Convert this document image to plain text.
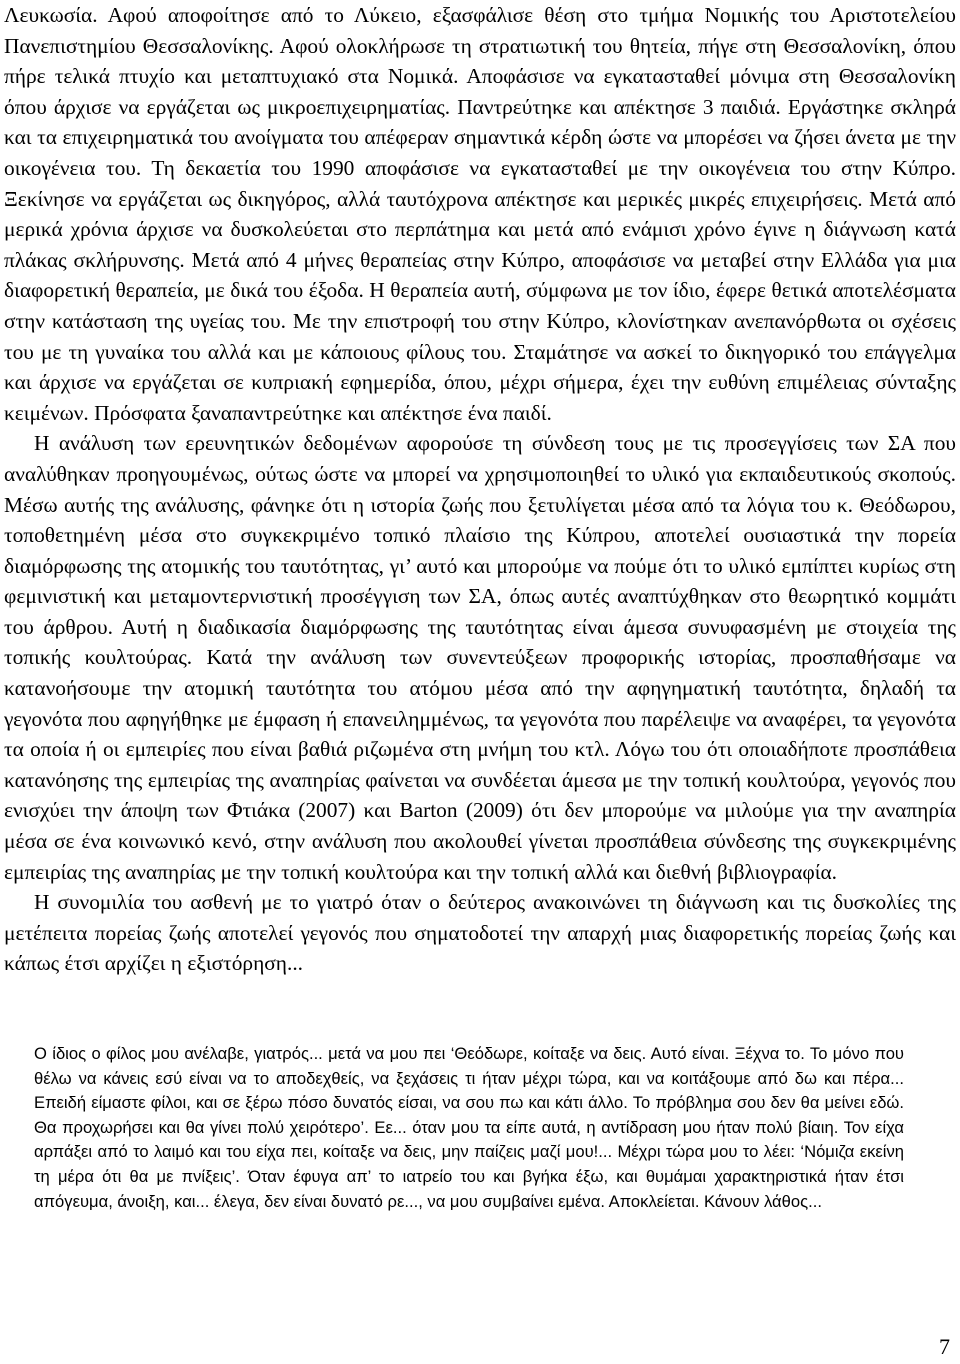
Λευκωσία. Αφού αποφοίτησε από το Λύκειο, εξασφάλισε θέση στο τμήμα Νομικής του Αριστοτελείου Πανεπιστημίου Θεσσαλονίκης. Αφού ολοκλήρωσε τη στρατιωτική του θητεία, πήγε στη Θεσσαλονίκη, όπου πήρε τελικά πτυχίο και μεταπτυχιακό στα Νομικά. Αποφάσισε να εγκατασταθεί μόνιμα στη Θεσσαλονίκη όπου άρχισε να εργάζεται ως μικροεπιχειρηματίας. Παντρεύτηκε και απέκτησε 3 παιδιά. Εργάστηκε σκληρά και τα επιχειρηματικά του ανοίγματα του απέφεραν σημαντικά κέρδη ώστε να μπορέσει να ζήσει άνετα με την οικογένεια του. Τη δεκαετία του 1990 αποφάσισε να εγκατασταθεί με την οικογένεια του στην Κύπρο. Ξεκίνησε να εργάζεται ως δικηγόρος, αλλά ταυτόχρονα απέκτησε και μερικές μικρές επιχειρήσεις. Μετά από μερικά χρόνια άρχισε να δυσκολεύεται στο περπάτημα και μετά από ενάμισι χρόνο έγινε η διάγνωση κατά πλάκας σκλήρυνσης. Μετά από 4 μήνες θεραπείας στην Κύπρο, αποφάσισε να μεταβεί στην Ελλάδα για μια διαφορετική θεραπεία, με δικά του έξοδα. Η θεραπεία αυτή, σύμφωνα με τον ίδιο, έφερε θετικά αποτελέσματα στην κατάσταση της υγείας του. Με την επιστροφή του στην Κύπρο, κλονίστηκαν ανεπανόρθωτα οι σχέσεις του με τη γυναίκα του αλλά και με κάποιους φίλους του. Σταμάτησε να ασκεί το δικηγορικό του επάγγελμα και άρχισε να εργάζεται σε κυπριακή εφημερίδα, όπου, μέχρι σήμερα, έχει την ευθύνη επιμέλειας σύνταξης κειμένων. Πρόσφατα ξαναπαντρεύτηκε και απέκτησε ένα παιδί.

Η ανάλυση των ερευνητικών δεδομένων αφορούσε τη σύνδεση τους με τις προσεγγίσεις των ΣΑ που αναλύθηκαν προηγουμένως, ούτως ώστε να μπορεί να χρησιμοποιηθεί το υλικό για εκπαιδευτικούς σκοπούς. Μέσω αυτής της ανάλυσης, φάνηκε ότι η ιστορία ζωής που ξετυλίγεται μέσα από τα λόγια του κ. Θεόδωρου, τοποθετημένη μέσα στο συγκεκριμένο τοπικό πλαίσιο της Κύπρου, αποτελεί ουσιαστικά την πορεία διαμόρφωσης της ατομικής του ταυτότητας, γι’ αυτό και μπορούμε να πούμε ότι το υλικό εμπίπτει κυρίως στη φεμινιστική και μεταμοντερνιστική προσέγγιση των ΣΑ, όπως αυτές αναπτύχθηκαν στο θεωρητικό κομμάτι του άρθρου. Αυτή η διαδικασία διαμόρφωσης της ταυτότητας είναι άμεσα συνυφασμένη με στοιχεία της τοπικής κουλτούρας. Κατά την ανάλυση των συνεντεύξεων προφορικής ιστορίας, προσπαθήσαμε να κατανοήσουμε την ατομική ταυτότητα του ατόμου μέσα από την αφηγηματική ταυτότητα, δηλαδή τα γεγονότα που αφηγήθηκε με έμφαση ή επανειλημμένως, τα γεγονότα που παρέλειψε να αναφέρει, τα γεγονότα τα οποία ή οι εμπειρίες που είναι βαθιά ριζωμένα στη μνήμη του κτλ. Λόγω του ότι οποιαδήποτε προσπάθεια κατανόησης της εμπειρίας της αναπηρίας φαίνεται να συνδέεται άμεσα με την τοπική κουλτούρα, γεγονός που ενισχύει την άποψη των Φτιάκα (2007) και Barton (2009) ότι δεν μπορούμε να μιλούμε για την αναπηρία μέσα σε ένα κοινωνικό κενό, στην ανάλυση που ακολουθεί γίνεται προσπάθεια σύνδεσης της συγκεκριμένης εμπειρίας της αναπηρίας με την τοπική κουλτούρα και την τοπική αλλά και διεθνή βιβλιογραφία.

Η συνομιλία του ασθενή με το γιατρό όταν ο δεύτερος ανακοινώνει τη διάγνωση και τις δυσκολίες της μετέπειτα πορείας ζωής αποτελεί γεγονός που σηματοδοτεί την απαρχή μιας διαφορετικής πορείας ζωής και κάπως έτσι αρχίζει η εξιστόρηση...

Ο ίδιος ο φίλος μου ανέλαβε, γιατρός... μετά να μου πει ‘Θεόδωρε, κοίταξε να δεις. Αυτό είναι. Ξέχνα το. Το μόνο που θέλω να κάνεις εσύ είναι να το αποδεχθείς, να ξεχάσεις τι ήταν μέχρι τώρα, και να κοιτάξουμε από δω και πέρα... Επειδή είμαστε φίλοι, και σε ξέρω πόσο δυνατός είσαι, να σου πω και κάτι άλλο. Το πρόβλημα σου δεν θα μείνει εδώ. Θα προχωρήσει και θα γίνει πολύ χειρότερο’. Εε... όταν μου τα είπε αυτά, η αντίδραση μου ήταν πολύ βίαιη. Τον είχα αρπάξει από το λαιμό και του είχα πει, κοίταξε να δεις, μην παίζεις μαζί μου!... Μέχρι τώρα μου το λέει: ‘Νόμιζα εκείνη τη μέρα ότι θα με πνίξεις’. Όταν έφυγα απ’ το ιατρείο του και βγήκα έξω, και θυμάμαι χαρακτηριστικά ήταν έτσι απόγευμα, άνοιξη, και... έλεγα, δεν είναι δυνατό ρε..., να μου συμβαίνει εμένα. Αποκλείεται. Κάνουν λάθος...

7
